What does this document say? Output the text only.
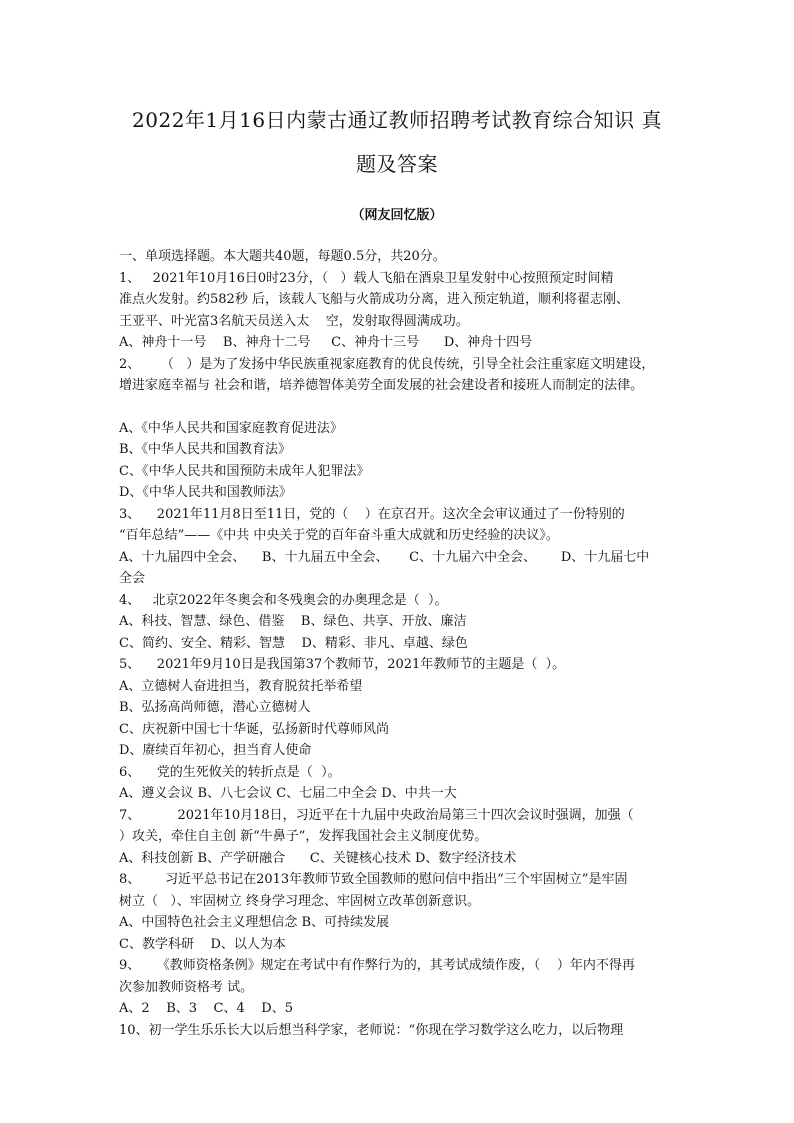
2022年1月16日内蒙古通辽教师招聘考试教育综合知识 真
题及答案
（网友回忆版）

一、单项选择题。本大题共40题，每题0.5分，共20分。

1、   2021年10月16日0时23分，（   ）载人飞船在酒泉卫星发射中心按照预定时间精

准点火发射。约582秒 后，该载人飞船与火箭成功分离，进入预定轨道，顺利将翟志刚、

王亚平、叶光富3名航天员送入太    空，发射取得圆满成功。

A、神舟十一号    B、神舟十二号     C、神舟十三号      D、神舟十四号

2、     （   ）是为了发扬中华民族重视家庭教育的优良传统，引导全社会注重家庭文明建设，

增进家庭幸福与 社会和谐，培养德智体美劳全面发展的社会建设者和接班人而制定的法律。

A、《中华人民共和国家庭教育促进法》

B、《中华人民共和国教育法》

C、《中华人民共和国预防未成年人犯罪法》

D、《中华人民共和国教师法》

3、    2021年11月8日至11日，党的（    ）在京召开。这次全会审议通过了一份特别的

“百年总结”——《中共 中央关于党的百年奋斗重大成就和历史经验的决议》。

A、十九届四中全会、    B、十九届五中全会、     C、十九届六中全会、      D、十九届七中

全会

4、   北京2022年冬奥会和冬残奥会的办奥理念是（  ）。

A、科技、智慧、绿色、借鉴    B、绿色、共享、开放、廉洁

C、简约、安全、精彩、智慧    D、精彩、非凡、卓越、绿色

5、    2021年9月10日是我国第37个教师节，2021年教师节的主题是（  ）。

A、立德树人奋进担当，教育脱贫托举希望

B、弘扬高尚师德，潜心立德树人

C、庆祝新中国七十华诞，弘扬新时代尊师风尚

D、赓续百年初心，担当育人使命

6、    党的生死攸关的转折点是（  ）。

A、遵义会议 B、八七会议 C、七届二中全会 D、中共一大

7、         2021年10月18日，习近平在十九届中央政治局第三十四次会议时强调，加强（

）攻关，牵住自主创 新“牛鼻子”，发挥我国社会主义制度优势。

A、科技创新 B、产学研融合      C、关键核心技术 D、数字经济技术

8、      习近平总书记在2013年教师节致全国教师的慰问信中指出“三个牢固树立”是牢固

树立（   ）、牢固树立 终身学习理念、牢固树立改革创新意识。

A、中国特色社会主义理想信念 B、可持续发展

C、教学科研    D、以人为本

9、    《教师资格条例》规定在考试中有作弊行为的，其考试成绩作废，（    ）年内不得再

次参加教师资格考 试。

A、2    B、3    C、4    D、5

10、初一学生乐乐长大以后想当科学家，老师说：“你现在学习数学这么吃力，以后物理
